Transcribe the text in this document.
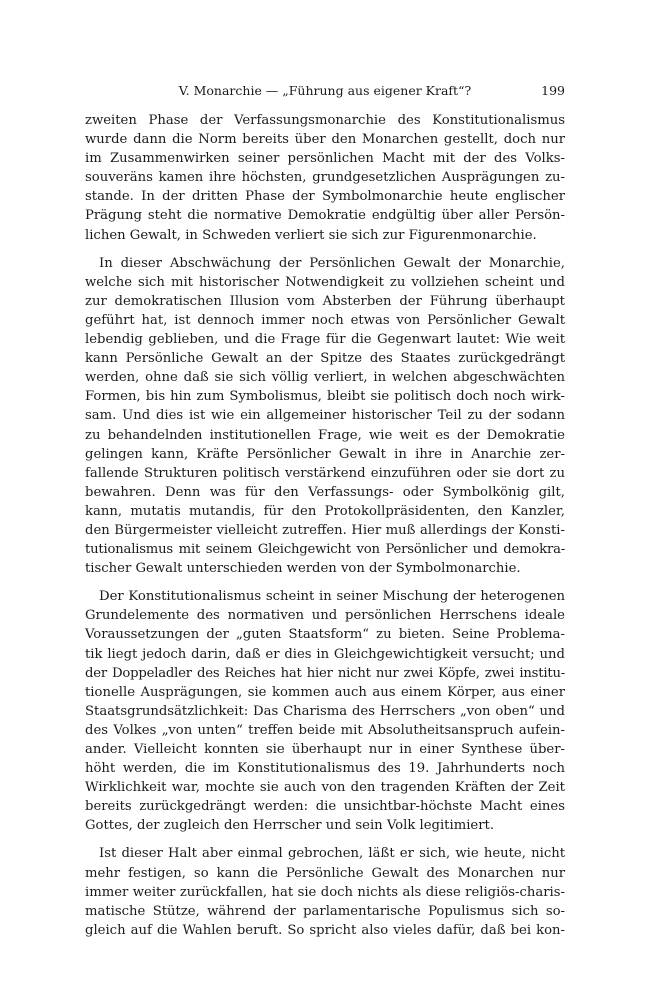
V. Monarchie — „Führung aus eigener Kraft“?	199

zweiten Phase der Verfassungsmonarchie des Konstitutionalismus
wurde dann die Norm bereits über den Monarchen gestellt, doch nur
im Zusammenwirken seiner persönlichen Macht mit der des Volks-
souveräns kamen ihre höchsten, grundgesetzlichen Ausprägungen zu-
stande. In der dritten Phase der Symbolmonarchie heute englischer
Prägung steht die normative Demokratie endgültig über aller Persön-
lichen Gewalt, in Schweden verliert sie sich zur Figurenmonarchie.

In dieser Abschwächung der Persönlichen Gewalt der Monarchie,
welche sich mit historischer Notwendigkeit zu vollziehen scheint und
zur demokratischen Illusion vom Absterben der Führung überhaupt
geführt hat, ist dennoch immer noch etwas von Persönlicher Gewalt
lebendig geblieben, und die Frage für die Gegenwart lautet: Wie weit
kann Persönliche Gewalt an der Spitze des Staates zurückgedrängt
werden, ohne daß sie sich völlig verliert, in welchen abgeschwächten
Formen, bis hin zum Symbolismus, bleibt sie politisch doch noch wirk-
sam. Und dies ist wie ein allgemeiner historischer Teil zu der sodann
zu behandelnden institutionellen Frage, wie weit es der Demokratie
gelingen kann, Kräfte Persönlicher Gewalt in ihre in Anarchie zer-
fallende Strukturen politisch verstärkend einzuführen oder sie dort zu
bewahren. Denn was für den Verfassungs- oder Symbolkönig gilt,
kann, mutatis mutandis, für den Protokollpräsidenten, den Kanzler,
den Bürgermeister vielleicht zutreffen. Hier muß allerdings der Konsti-
tutionalismus mit seinem Gleichgewicht von Persönlicher und demokra-
tischer Gewalt unterschieden werden von der Symbolmonarchie.

Der Konstitutionalismus scheint in seiner Mischung der heterogenen
Grundelemente des normativen und persönlichen Herrschens ideale
Voraussetzungen der „guten Staatsform“ zu bieten. Seine Problema-
tik liegt jedoch darin, daß er dies in Gleichgewichtigkeit versucht; und
der Doppeladler des Reiches hat hier nicht nur zwei Köpfe, zwei institu-
tionelle Ausprägungen, sie kommen auch aus einem Körper, aus einer
Staatsgrundsätzlichkeit: Das Charisma des Herrschers „von oben“ und
des Volkes „von unten“ treffen beide mit Absolutheitsanspruch aufein-
ander. Vielleicht konnten sie überhaupt nur in einer Synthese über-
höht werden, die im Konstitutionalismus des 19. Jahrhunderts noch
Wirklichkeit war, mochte sie auch von den tragenden Kräften der Zeit
bereits zurückgedrängt werden: die unsichtbar-höchste Macht eines
Gottes, der zugleich den Herrscher und sein Volk legitimiert.

Ist dieser Halt aber einmal gebrochen, läßt er sich, wie heute, nicht
mehr festigen, so kann die Persönliche Gewalt des Monarchen nur
immer weiter zurückfallen, hat sie doch nichts als diese religiös-charis-
matische Stütze, während der parlamentarische Populismus sich so-
gleich auf die Wahlen beruft. So spricht also vieles dafür, daß bei kon-
